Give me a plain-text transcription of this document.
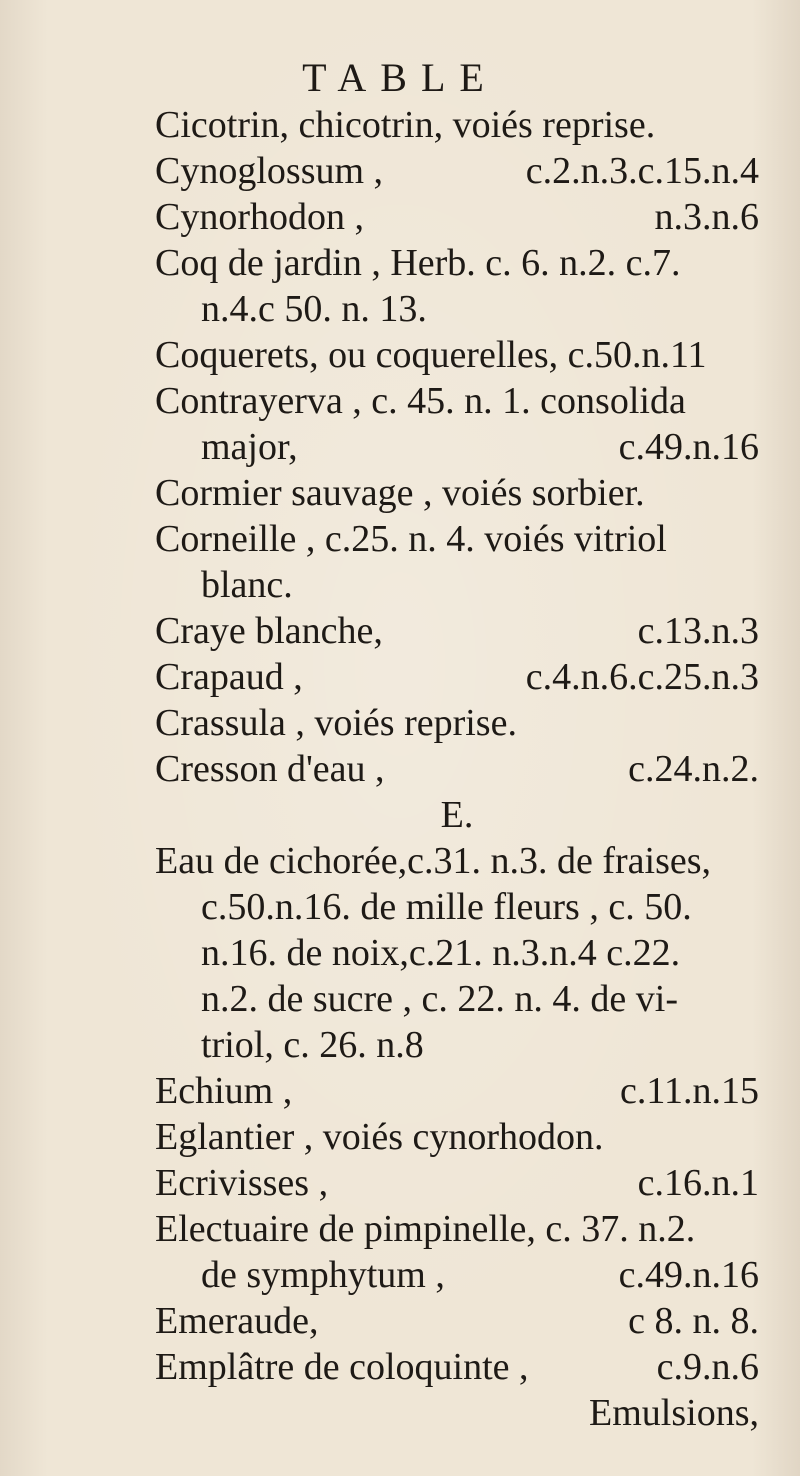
TABLE
Cicotrin, chicotrin, voiés reprise.
Cynoglossum ,	c.2.n.3.c.15.n.4
Cynorhodon ,	n.3.n.6
Coq de jardin , Herb. c. 6. n.2. c.7.
n.4.c 50. n. 13.
Coquerets, ou coquerelles, c.50.n.11
Contrayerva , c. 45. n. 1. consolida
major,	c.49.n.16
Cormier sauvage , voiés sorbier.
Corneille , c.25. n. 4. voiés vitriol
blanc.
Craye blanche,	c.13.n.3
Crapaud ,	c.4.n.6.c.25.n.3
Crassula , voiés reprise.
Cresson d'eau ,	c.24.n.2.
E.
Eau de cichorée,c.31. n.3. de fraises,
c.50.n.16. de mille fleurs , c. 50.
n.16. de noix,c.21. n.3.n.4 c.22.
n.2. de sucre , c. 22. n. 4. de vi-
triol, c. 26. n.8
Echium ,	c.11.n.15
Eglantier , voiés cynorhodon.
Ecrivisses ,	c.16.n.1
Electuaire de pimpinelle, c. 37. n.2.
de symphytum ,	c.49.n.16
Emeraude,	c 8. n. 8.
Emplâtre de coloquinte ,	c.9.n.6
Emulsions,
